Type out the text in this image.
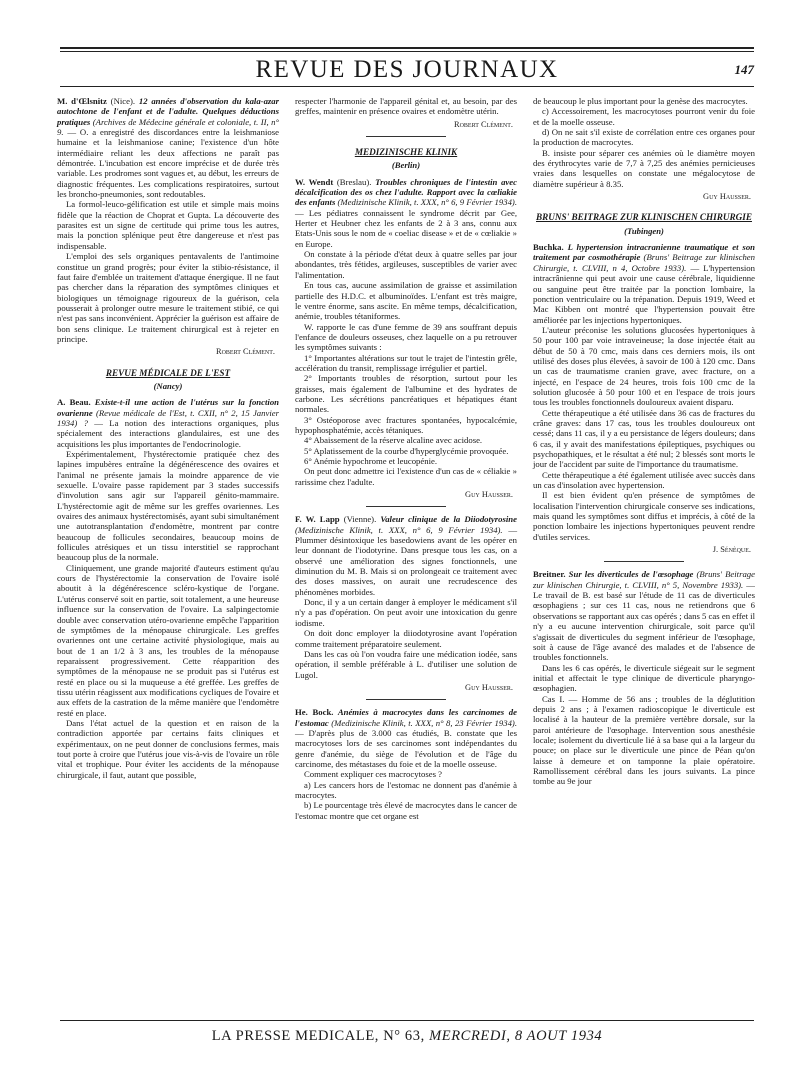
REVUE DES JOURNAUX	147

M. d'Œlsnitz (Nice). 12 années d'observation du kala-azar autochtone de l'enfant et de l'adulte. Quelques déductions pratiques (Archives de Médecine générale et coloniale, t. II, n° 9. — O. a enregistré des discordances entre la leishmaniose humaine et la leishmaniose canine; l'existence d'un hôte intermédiaire reliant les deux affections ne paraît pas démontrée. L'incubation est encore imprécise et de durée très variable. Les prodromes sont vagues et, au début, les erreurs de diagnostic fréquentes. Les complications respiratoires, surtout les broncho-pneumonies, sont redoutables.

La formol-leuco-gélification est utile et simple mais moins fidèle que la réaction de Choprat et Gupta. La découverte des parasites est un signe de certitude qui prime tous les autres, mais la ponction splénique peut être dangereuse et n'est pas indispensable.

L'emploi des sels organiques pentavalents de l'antimoine constitue un grand progrès; pour éviter la stibio-résistance, il faut faire d'emblée un traitement d'attaque énergique. Il ne faut pas chercher dans la réparation des symptômes cliniques et biologiques un témoignage rigoureux de la guérison, cela pousserait à prolonger outre mesure le traitement stibié, ce qui n'est pas sans inconvénient. Apprécier la guérison est affaire de bon sens clinique. Le traitement chirurgical est à rejeter en principe.

Robert Clément.
REVUE MÉDICALE DE L'EST
(Nancy)

A. Beau. Existe-t-il une action de l'utérus sur la fonction ovarienne (Revue médicale de l'Est, t. CXII, n° 2, 15 Janvier 1934) ? — La notion des interactions organiques, plus spécialement des interactions glandulaires, est une des acquisitions les plus importantes de l'endocrinologie.

Expérimentalement, l'hystérectomie pratiquée chez des lapines impubères entraîne la dégénérescence des ovaires et l'animal ne présente jamais la moindre apparence de vie sexuelle. L'ovaire passe rapidement par 3 stades successifs d'involution sans agir sur l'appareil génito-mammaire. L'hystérectomie agit de même sur les greffes ovariennes. Les ovaires des animaux hystérectomisés, ayant subi simultanément une autotransplantation d'endomètre, montrent par contre beaucoup de follicules secondaires, beaucoup moins de follicules atrésiques et un tissu interstitiel se rapprochant beaucoup plus de la normale.

Cliniquement, une grande majorité d'auteurs estiment qu'au cours de l'hystérectomie la conservation de l'ovaire isolé aboutit à la dégénérescence scléro-kystique de l'organe. L'utérus conservé soit en partie, soit totalement, a une heureuse influence sur la conservation de l'ovaire. La salpingectomie double avec conservation utéro-ovarienne empêche l'apparition de symptômes de la ménopause chirurgicale. Les greffes ovariennes ont une certaine activité physiologique, mais au bout de 1 an 1/2 à 3 ans, les troubles de la ménopause reparaissent progressivement. Cette réapparition des symptômes de la ménopause ne se produit pas si l'utérus est resté en place ou si la muqueuse a été greffée. Les greffes de tissu utérin réagissent aux modifications cycliques de l'ovaire et aux effets de la castration de la même manière que l'endomètre resté en place.

Dans l'état actuel de la question et en raison de la contradiction apportée par certains faits cliniques et expérimentaux, on ne peut donner de conclusions fermes, mais tout porte à croire que l'utérus joue vis-à-vis de l'ovaire un rôle vital et trophique. Pour éviter les accidents de la ménopause chirurgicale, il faut, autant que possible,

respecter l'harmonie de l'appareil génital et, au besoin, par des greffes, maintenir en présence ovaires et endomètre utérin.

Robert Clément.
MEDIZINISCHE KLINIK
(Berlin)

W. Wendt (Breslau). Troubles chroniques de l'intestin avec décalcification des os chez l'adulte. Rapport avec la cœliakie des enfants (Medizinische Klinik, t. XXX, n° 6, 9 Février 1934). — Les pédiatres connaissent le syndrome décrit par Gee, Herter et Heubner chez les enfants de 2 à 3 ans, connu aux Etats-Unis sous le nom de « coeliac disease » et de « cœliakie » en Europe.

On constate à la période d'état deux à quatre selles par jour abondantes, très fétides, argileuses, susceptibles de varier avec l'alimentation.

En tous cas, aucune assimilation de graisse et assimilation partielle des H.D.C. et albuminoïdes. L'enfant est très maigre, le ventre énorme, sans ascite. En même temps, décalcification, anémie, troubles tétaniformes.

W. rapporte le cas d'une femme de 39 ans souffrant depuis l'enfance de douleurs osseuses, chez laquelle on a pu retrouver les symptômes suivants :

1° Importantes altérations sur tout le trajet de l'intestin grêle, accélération du transit, remplissage irrégulier et partiel.

2° Importants troubles de résorption, surtout pour les graisses, mais également de l'albumine et des hydrates de carbone. Les sécrétions pancréatiques et hépatiques étant normales.

3° Ostéoporose avec fractures spontanées, hypocalcémie, hypophosphatémie, accès tétaniques.

4° Abaissement de la réserve alcaline avec acidose.

5° Aplatissement de la courbe d'hyperglycémie provoquée.

6° Anémie hypochrome et leucopénie.

On peut donc admettre ici l'existence d'un cas de « céliakie » rarissime chez l'adulte.

Guy Hausser.

F. W. Lapp (Vienne). Valeur clinique de la Diiodotyrosine (Medizinische Klinik, t. XXX, n° 6, 9 Février 1934). — Plummer désintoxique les basedowiens avant de les opérer en leur donnant de l'iodotyrine. Dans presque tous les cas, on a observé une amélioration des signes fonctionnels, une diminution du M. B. Mais si on prolongeait ce traitement avec des doses massives, on aurait une recrudescence des phénomènes morbides.

Donc, il y a un certain danger à employer le médicament s'il n'y a pas d'opération. On peut avoir une intoxication du genre iodisme.

On doit donc employer la diiodotyrosine avant l'opération comme traitement préparatoire seulement.

Dans les cas où l'on voudra faire une médication iodée, sans opération, il semble préférable à L. d'utiliser une solution de Lugol.

Guy Hausser.

He. Bock. Anémies à macrocytes dans les carcinomes de l'estomac (Medizinische Klinik, t. XXX, n° 8, 23 Février 1934). — D'après plus de 3.000 cas étudiés, B. constate que les macrocytoses lors de ses carcinomes sont indépendantes du genre d'anémie, du siège de l'évolution et de l'âge du carcinome, des métastases du foie et de la moelle osseuse.

Comment expliquer ces macrocytoses ?

a) Les cancers hors de l'estomac ne donnent pas d'anémie à macrocytes.

b) Le pourcentage très élevé de macrocytes dans le cancer de l'estomac montre que cet organe est

de beaucoup le plus important pour la genèse des macrocytes.

c) Accessoirement, les macrocytoses pourront venir du foie et de la moelle osseuse.

d) On ne sait s'il existe de corrélation entre ces organes pour la production de macrocytes.

B. insiste pour séparer ces anémies où le diamètre moyen des érythrocytes varie de 7,7 à 7,25 des anémies pernicieuses vraies dans lesquelles on constate une mégalocytose de diamètre supérieur à 8.35.

Guy Hausser.
BRUNS' BEITRAGE ZUR KLINISCHEN CHIRURGIE
(Tubingen)

Buchka. L hypertension intracranienne traumatique et son traitement par cosmothérapie (Bruns' Beitrage zur klinischen Chirurgie, t. CLVIII, n 4, Octobre 1933). — L'hypertension intracrânienne qui peut avoir une cause cérébrale, liquidienne ou sanguine peut être traitée par la ponction lombaire, la ponction ventriculaire ou la trépanation. Depuis 1919, Weed et Mac Kibben ont montré que l'hypertension pouvait être améliorée par les injections hypertoniques.

L'auteur préconise les solutions glucosées hypertoniques à 50 pour 100 par voie intraveineuse; la dose injectée était au début de 50 à 70 cmc, mais dans ces derniers mois, ils ont utilisé des doses plus élevées, à savoir de 100 à 120 cmc. Dans un cas de traumatisme cranien grave, avec fracture, on a injecté, en l'espace de 24 heures, trois fois 100 cmc de la solution glucosée à 50 pour 100 et en l'espace de trois jours tous les troubles fonctionnels douloureux avaient disparu.

Cette thérapeutique a été utilisée dans 36 cas de fractures du crâne graves: dans 17 cas, tous les troubles douloureux ont cessé; dans 11 cas, il y a eu persistance de légers douleurs; dans 6 cas, il y avait des manifestations épileptiques, psychiques ou psychopathiques, et le résultat a été nul; 2 blessés sont morts le jour de l'accident par suite de l'importance du traumatisme.

Cette thérapeutique a été également utilisée avec succès dans un cas d'insolation avec hypertension.

Il est bien évident qu'en présence de symptômes de localisation l'intervention chirurgicale conserve ses indications, mais quand les symptômes sont diffus et imprécis, à côté de la ponction lombaire les injections hypertoniques peuvent rendre d'utiles services.

J. Sénèque.

Breitner. Sur les diverticules de l'œsophage (Bruns' Beitrage zur klinischen Chirurgie, t. CLVIII, n° 5, Novembre 1933). — Le travail de B. est basé sur l'étude de 11 cas de diverticules œsophagiens ; sur ces 11 cas, nous ne retiendrons que 6 observations se rapportant aux cas opérés ; dans 5 cas en effet il n'y a eu aucune intervention chirurgicale, soit parce qu'il s'agissait de diverticules du segment inférieur de l'œsophage, soit à cause de l'âge avancé des malades et de l'absence de troubles fonctionnels.

Dans les 6 cas opérés, le diverticule siégeait sur le segment initial et affectait le type clinique de diverticule pharyngo-œsophagien.

Cas I. — Homme de 56 ans ; troubles de la déglutition depuis 2 ans ; à l'examen radioscopique le diverticule est localisé à la hauteur de la première vertèbre dorsale, sur la paroi antérieure de l'œsophage. Intervention sous anesthésie locale; isolement du diverticule lié à sa base qui a la largeur du pouce; on place sur le diverticule une pince de Péan qu'on laisse à demeure et on tamponne la plaie opératoire. Ramollissement cérébral dans les jours suivants. La pince tombe au 9e jour

LA PRESSE MEDICALE, N° 63, MERCREDI, 8 AOUT 1934
